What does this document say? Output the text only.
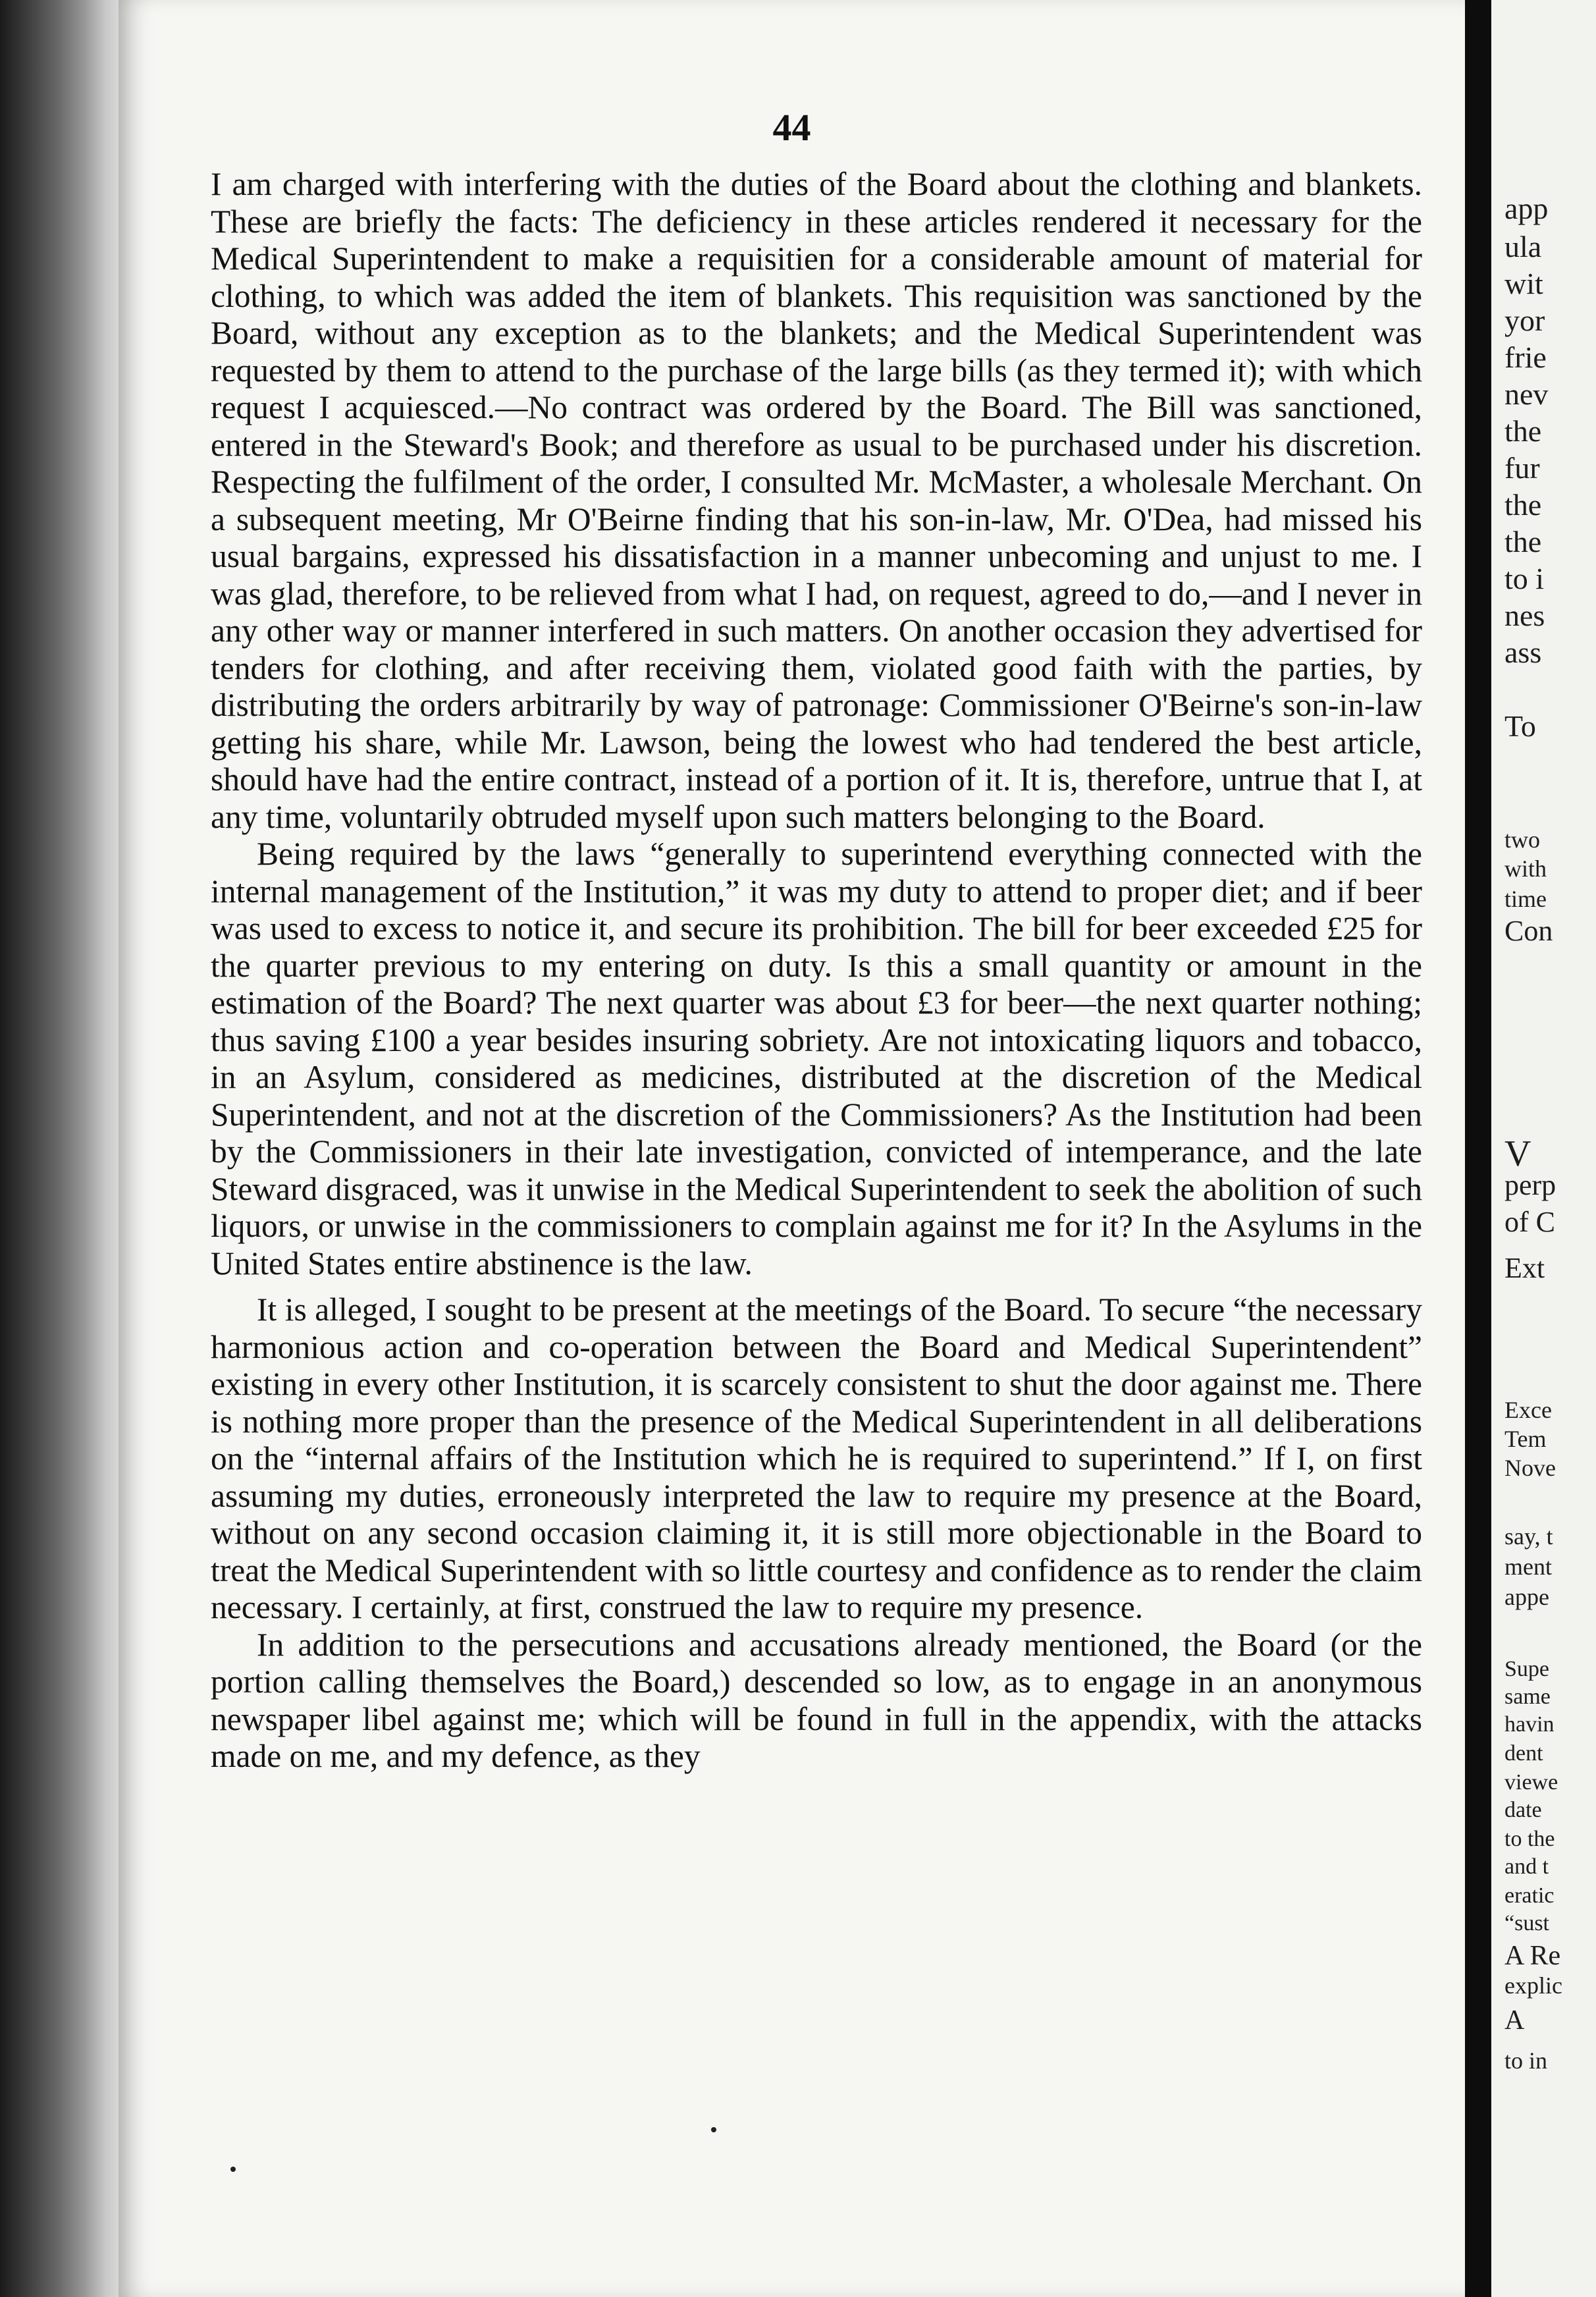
44

I am charged with interfering with the duties of the Board about the clothing and blankets. These are briefly the facts: The deficiency in these articles rendered it necessary for the Medical Superintendent to make a requisitien for a considerable amount of material for clothing, to which was added the item of blankets. This requisition was sanctioned by the Board, without any exception as to the blankets; and the Medical Superintendent was requested by them to attend to the purchase of the large bills (as they termed it); with which request I acquiesced.—No contract was ordered by the Board. The Bill was sanctioned, entered in the Steward's Book; and therefore as usual to be purchased under his discretion. Respecting the fulfilment of the order, I consulted Mr. McMaster, a wholesale Merchant. On a subsequent meeting, Mr O'Beirne finding that his son-in-law, Mr. O'Dea, had missed his usual bargains, expressed his dissatisfaction in a manner unbecoming and unjust to me. I was glad, therefore, to be relieved from what I had, on request, agreed to do,—and I never in any other way or manner interfered in such matters. On another occasion they advertised for tenders for clothing, and after receiving them, violated good faith with the parties, by distributing the orders arbitrarily by way of patronage: Commissioner O'Beirne's son-in-law getting his share, while Mr. Lawson, being the lowest who had tendered the best article, should have had the entire contract, instead of a portion of it. It is, therefore, untrue that I, at any time, voluntarily obtruded myself upon such matters belonging to the Board.

Being required by the laws “generally to superintend everything connected with the internal management of the Institution,” it was my duty to attend to proper diet; and if beer was used to excess to notice it, and secure its prohibition. The bill for beer exceeded £25 for the quarter previous to my entering on duty. Is this a small quantity or amount in the estimation of the Board? The next quarter was about £3 for beer—the next quarter nothing; thus saving £100 a year besides insuring sobriety. Are not intoxicating liquors and tobacco, in an Asylum, considered as medicines, distributed at the discretion of the Medical Superintendent, and not at the discretion of the Commissioners? As the Institution had been by the Commissioners in their late investigation, convicted of intemperance, and the late Steward disgraced, was it unwise in the Medical Superintendent to seek the abolition of such liquors, or unwise in the commissioners to complain against me for it? In the Asylums in the United States entire abstinence is the law.

It is alleged, I sought to be present at the meetings of the Board. To secure “the necessary harmonious action and co-operation between the Board and Medical Superintendent” existing in every other Institution, it is scarcely consistent to shut the door against me. There is nothing more proper than the presence of the Medical Superintendent in all deliberations on the “internal affairs of the Institution which he is required to superintend.” If I, on first assuming my duties, erroneously interpreted the law to require my presence at the Board, without on any second occasion claiming it, it is still more objectionable in the Board to treat the Medical Superintendent with so little courtesy and confidence as to render the claim necessary. I certainly, at first, construed the law to require my presence.

In addition to the persecutions and accusations already mentioned, the Board (or the portion calling themselves the Board,) descended so low, as to engage in an anonymous newspaper libel against me; which will be found in full in the appendix, with the attacks made on me, and my defence, as they

app
ula
wit
yor
frie
nev
the
fur
the
the
to i
nes
ass
To
two
with
time
Con
V
perp
of C
Ext
Exce
Tem
Nove
say, t
ment
appe
Supe
same
havin
dent
viewe
date
to the
and t
eratic
“sust
A Re
explic
A
to in
